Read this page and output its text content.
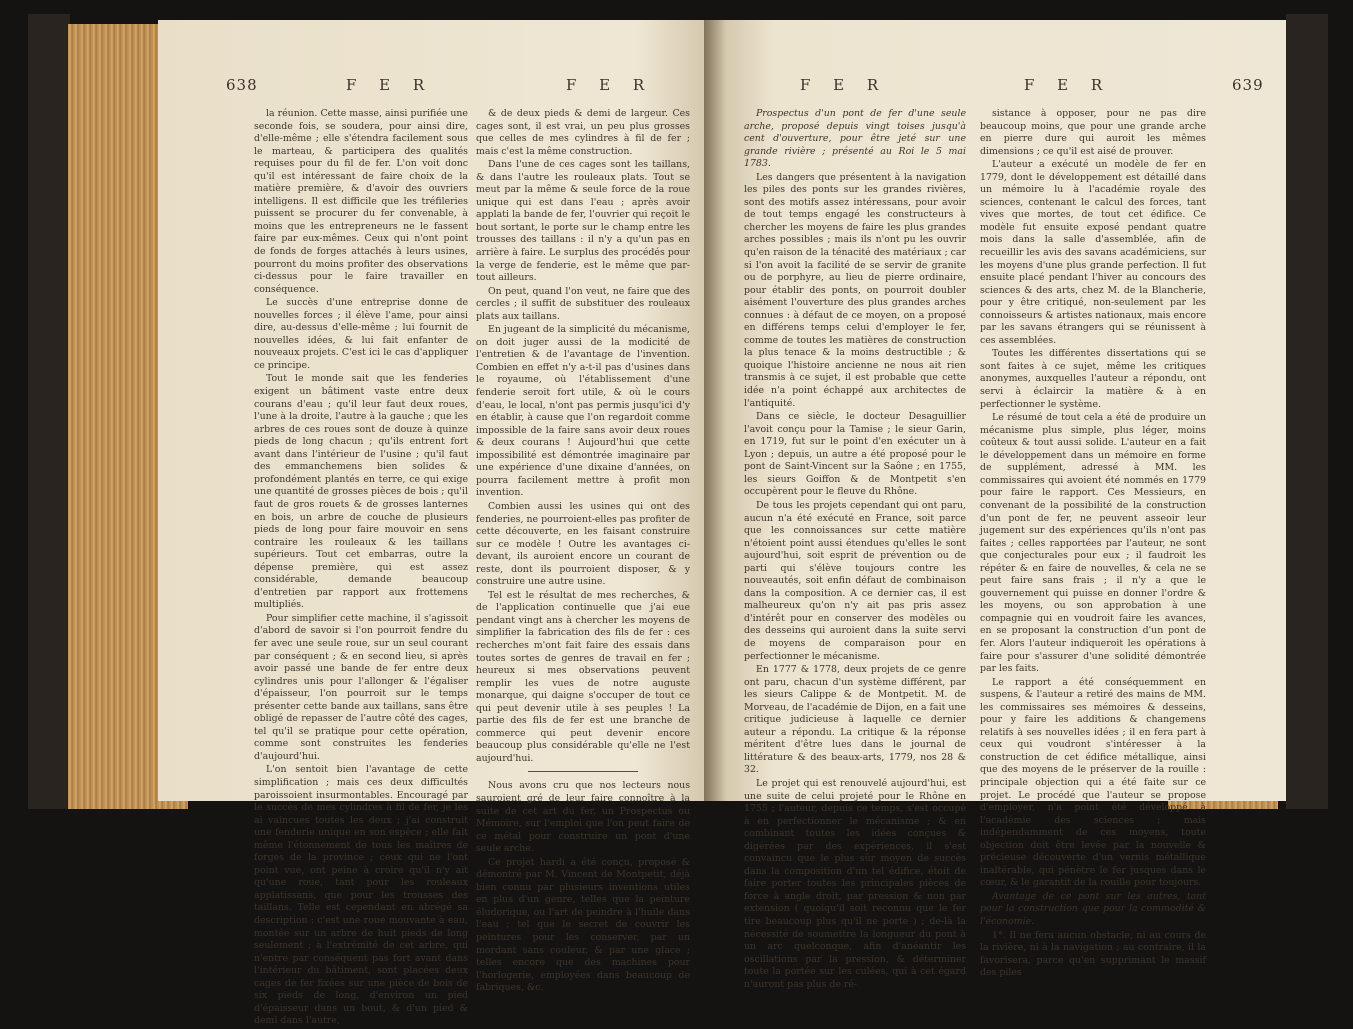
638	F E R	F E R

la réunion. Cette masse, ainsi purifiée une seconde fois, se soudera, pour ainsi dire, d'elle-même ; elle s'étendra facilement sous le marteau, & participera des qualités requises pour du fil de fer. L'on voit donc qu'il est intéressant de faire choix de la matière première, & d'avoir des ouvriers intelligens. Il est difficile que les tréfileries puissent se procurer du fer convenable, à moins que les entrepreneurs ne le fassent faire par eux-mêmes. Ceux qui n'ont point de fonds de forges attachés à leurs usines, pourront du moins profiter des observations ci-dessus pour le faire travailler en conséquence.

Le succès d'une entreprise donne de nouvelles forces ; il élève l'ame, pour ainsi dire, au-dessus d'elle-même ; lui fournit de nouvelles idées, & lui fait enfanter de nouveaux projets. C'est ici le cas d'appliquer ce principe.

Tout le monde sait que les fenderies exigent un bâtiment vaste entre deux courans d'eau ; qu'il leur faut deux roues, l'une à la droite, l'autre à la gauche ; que les arbres de ces roues sont de douze à quinze pieds de long chacun ; qu'ils entrent fort avant dans l'intérieur de l'usine ; qu'il faut des emmanchemens bien solides & profondément plantés en terre, ce qui exige une quantité de grosses pièces de bois ; qu'il faut de gros rouets & de grosses lanternes en bois, un arbre de couche de plusieurs pieds de long pour faire mouvoir en sens contraire les rouleaux & les taillans supérieurs. Tout cet embarras, outre la dépense première, qui est assez considérable, demande beaucoup d'entretien par rapport aux frottemens multipliés.

Pour simplifier cette machine, il s'agissoit d'abord de savoir si l'on pourroit fendre du fer avec une seule roue, sur un seul courant par conséquent ; & en second lieu, si après avoir passé une bande de fer entre deux cylindres unis pour l'allonger & l'égaliser d'épaisseur, l'on pourroit sur le temps présenter cette bande aux taillans, sans être obligé de repasser de l'autre côté des cages, tel qu'il se pratique pour cette opération, comme sont construites les fenderies d'aujourd'hui.

L'on sentoit bien l'avantage de cette simplification ; mais ces deux difficultés paroissoient insurmontables. Encouragé par le succès de mes cylindres à fil de fer, je les ai vaincues toutes les deux ; j'ai construit une fenderie unique en son espèce ; elle fait même l'étonnement de tous les maîtres de forges de la province ; ceux qui ne l'ont point vue, ont peine à croire qu'il n'y ait qu'une roue, tant pour les rouleaux applatissans, que pour les trousses des taillans. Telle est cependant en abrégé sa description : c'est une roue mouvante à eau, montée sur un arbre de huit pieds de long seulement ; à l'extrémité de cet arbre, qui n'entre par conséquent pas fort avant dans l'intérieur du bâtiment, sont placées deux cages de fer fixées sur une pièce de bois de six pieds de long, d'environ un pied d'épaisseur dans un bout, & d'un pied & demi dans l'autre,

& de deux pieds & demi de largeur. Ces cages sont, il est vrai, un peu plus grosses que celles de mes cylindres à fil de fer ; mais c'est la même construction.

Dans l'une de ces cages sont les taillans, & dans l'autre les rouleaux plats. Tout se meut par la même & seule force de la roue unique qui est dans l'eau ; après avoir applati la bande de fer, l'ouvrier qui reçoit le bout sortant, le porte sur le champ entre les trousses des taillans : il n'y a qu'un pas en arrière à faire. Le surplus des procédés pour la verge de fenderie, est le même que par-tout ailleurs.

On peut, quand l'on veut, ne faire que des cercles ; il suffit de substituer des rouleaux plats aux taillans.

En jugeant de la simplicité du mécanisme, on doit juger aussi de la modicité de l'entretien & de l'avantage de l'invention. Combien en effet n'y a-t-il pas d'usines dans le royaume, où l'établissement d'une fenderie seroit fort utile, & où le cours d'eau, le local, n'ont pas permis jusqu'ici d'y en établir, à cause que l'on regardoit comme impossible de la faire sans avoir deux roues & deux courans ! Aujourd'hui que cette impossibilité est démontrée imaginaire par une expérience d'une dixaine d'années, on pourra facilement mettre à profit mon invention.

Combien aussi les usines qui ont des fenderies, ne pourroient-elles pas profiter de cette découverte, en les faisant construire sur ce modèle ! Outre les avantages ci-devant, ils auroient encore un courant de reste, dont ils pourroient disposer, & y construire une autre usine.

Tel est le résultat de mes recherches, & de l'application continuelle que j'ai eue pendant vingt ans à chercher les moyens de simplifier la fabrication des fils de fer : ces recherches m'ont fait faire des essais dans toutes sortes de genres de travail en fer ; heureux si mes observations peuvent remplir les vues de notre auguste monarque, qui daigne s'occuper de tout ce qui peut devenir utile à ses peuples ! La partie des fils de fer est une branche de commerce qui peut devenir encore beaucoup plus considérable qu'elle ne l'est aujourd'hui.

Nous avons cru que nos lecteurs nous sauroient gré de leur faire connoître à la suite de cet art du fer, un Prospectus ou Mémoire, sur l'emploi que l'on peut faire de ce métal pour construire un pont d'une seule arche.

Ce projet hardi a été conçu, proposé & démontré par M. Vincent de Montpetit, déjà bien connu par plusieurs inventions utiles en plus d'un genre, telles que la peinture éludorique, ou l'art de peindre à l'huile dans l'eau ; tel que le secret de couvrir les peintures pour les conserver, par un mordant sans couleur, & par une glace ; telles encore que des machines pour l'horlogerie, employées dans beaucoup de fabriques, &c.

F E R	F E R	639

Prospectus d'un pont de fer d'une seule arche, proposé depuis vingt toises jusqu'à cent d'ouverture, pour être jeté sur une grande rivière ; présenté au Roi le 5 mai 1783.

Les dangers que présentent à la navigation les piles des ponts sur les grandes rivières, sont des motifs assez intéressans, pour avoir de tout temps engagé les constructeurs à chercher les moyens de faire les plus grandes arches possibles ; mais ils n'ont pu les ouvrir qu'en raison de la ténacité des matériaux ; car si l'on avoit la facilité de se servir de granite ou de porphyre, au lieu de pierre ordinaire, pour établir des ponts, on pourroit doubler aisément l'ouverture des plus grandes arches connues : à défaut de ce moyen, on a proposé en différens temps celui d'employer le fer, comme de toutes les matières de construction la plus tenace & la moins destructible ; & quoique l'histoire ancienne ne nous ait rien transmis à ce sujet, il est probable que cette idée n'a point échappé aux architectes de l'antiquité.

Dans ce siècle, le docteur Desaguillier l'avoit conçu pour la Tamise ; le sieur Garin, en 1719, fut sur le point d'en exécuter un à Lyon ; depuis, un autre a été proposé pour le pont de Saint-Vincent sur la Saône ; en 1755, les sieurs Goiffon & de Montpetit s'en occupèrent pour le fleuve du Rhône.

De tous les projets cependant qui ont paru, aucun n'a été exécuté en France, soit parce que les connoissances sur cette matière n'étoient point aussi étendues qu'elles le sont aujourd'hui, soit esprit de prévention ou de parti qui s'élève toujours contre les nouveautés, soit enfin défaut de combinaison dans la composition. A ce dernier cas, il est malheureux qu'on n'y ait pas pris assez d'intérêt pour en conserver des modèles ou des desseins qui auroient dans la suite servi de moyens de comparaison pour en perfectionner le mécanisme.

En 1777 & 1778, deux projets de ce genre ont paru, chacun d'un système différent, par les sieurs Calippe & de Montpetit. M. de Morveau, de l'académie de Dijon, en a fait une critique judicieuse à laquelle ce dernier auteur a répondu. La critique & la réponse méritent d'être lues dans le journal de littérature & des beaux-arts, 1779, nos 28 & 32.

Le projet qui est renouvelé aujourd'hui, est une suite de celui projeté pour le Rhône en 1755 ; l'auteur, depuis ce temps, s'est occupé à en perfectionner le mécanisme ; & en combinant toutes les idées conçues & digérées par des expériences, il s'est convaincu que le plus sûr moyen de succès dans la composition d'un tel édifice, étoit de faire porter toutes les principales pièces de force à angle droit, par pression & non par extension ( quoiqu'il soit reconnu que le fer tire beaucoup plus qu'il ne porte ) ; de-là la nécessité de soumettre la longueur du pont à un arc quelconque, afin d'anéantir les oscillations par la pression, & déterminer toute la portée sur les culées, qui à cet égard n'auront pas plus de ré-

sistance à opposer, pour ne pas dire beaucoup moins, que pour une grande arche en pierre dure qui auroit les mêmes dimensions ; ce qu'il est aisé de prouver.

L'auteur a exécuté un modèle de fer en 1779, dont le développement est détaillé dans un mémoire lu à l'académie royale des sciences, contenant le calcul des forces, tant vives que mortes, de tout cet édifice. Ce modèle fut ensuite exposé pendant quatre mois dans la salle d'assemblée, afin de recueillir les avis des savans académiciens, sur les moyens d'une plus grande perfection. Il fut ensuite placé pendant l'hiver au concours des sciences & des arts, chez M. de la Blancherie, pour y être critiqué, non-seulement par les connoisseurs & artistes nationaux, mais encore par les savans étrangers qui se réunissent à ces assemblées.

Toutes les différentes dissertations qui se sont faites à ce sujet, même les critiques anonymes, auxquelles l'auteur a répondu, ont servi à éclaircir la matière & à en perfectionner le système.

Le résumé de tout cela a été de produire un mécanisme plus simple, plus léger, moins coûteux & tout aussi solide. L'auteur en a fait le développement dans un mémoire en forme de supplément, adressé à MM. les commissaires qui avoient été nommés en 1779 pour faire le rapport. Ces Messieurs, en convenant de la possibilité de la construction d'un pont de fer, ne peuvent asseoir leur jugement sur des expériences qu'ils n'ont pas faites ; celles rapportées par l'auteur, ne sont que conjecturales pour eux ; il faudroit les répéter & en faire de nouvelles, & cela ne se peut faire sans frais ; il n'y a que le gouvernement qui puisse en donner l'ordre & les moyens, ou son approbation à une compagnie qui en voudroit faire les avances, en se proposant la construction d'un pont de fer. Alors l'auteur indiqueroit les opérations à faire pour s'assurer d'une solidité démontrée par les faits.

Le rapport a été conséquemment en suspens, & l'auteur a retiré des mains de MM. les commissaires ses mémoires & desseins, pour y faire les additions & changemens relatifs à ses nouvelles idées ; il en fera part à ceux qui voudront s'intéresser à la construction de cet édifice métallique, ainsi que des moyens de le préserver de la rouille : principale objection qui a été faite sur ce projet. Le procédé que l'auteur se propose d'employer, n'a point été développé à l'académie des sciences ; mais indépendamment de ces moyens, toute objection doit être levée par la nouvelle & précieuse découverte d'un vernis métallique inaltérable, qui pénètre le fer jusques dans le cœur, & le garantit de la rouille pour toujours.

Avantage de ce pont sur les autres, tant pour la construction que pour la commodité & l'économie.

1°. Il ne fera aucun obstacle, ni au cours de la rivière, ni à la navigation ; au contraire, il la favorisera, parce qu'en supprimant le massif des piles
